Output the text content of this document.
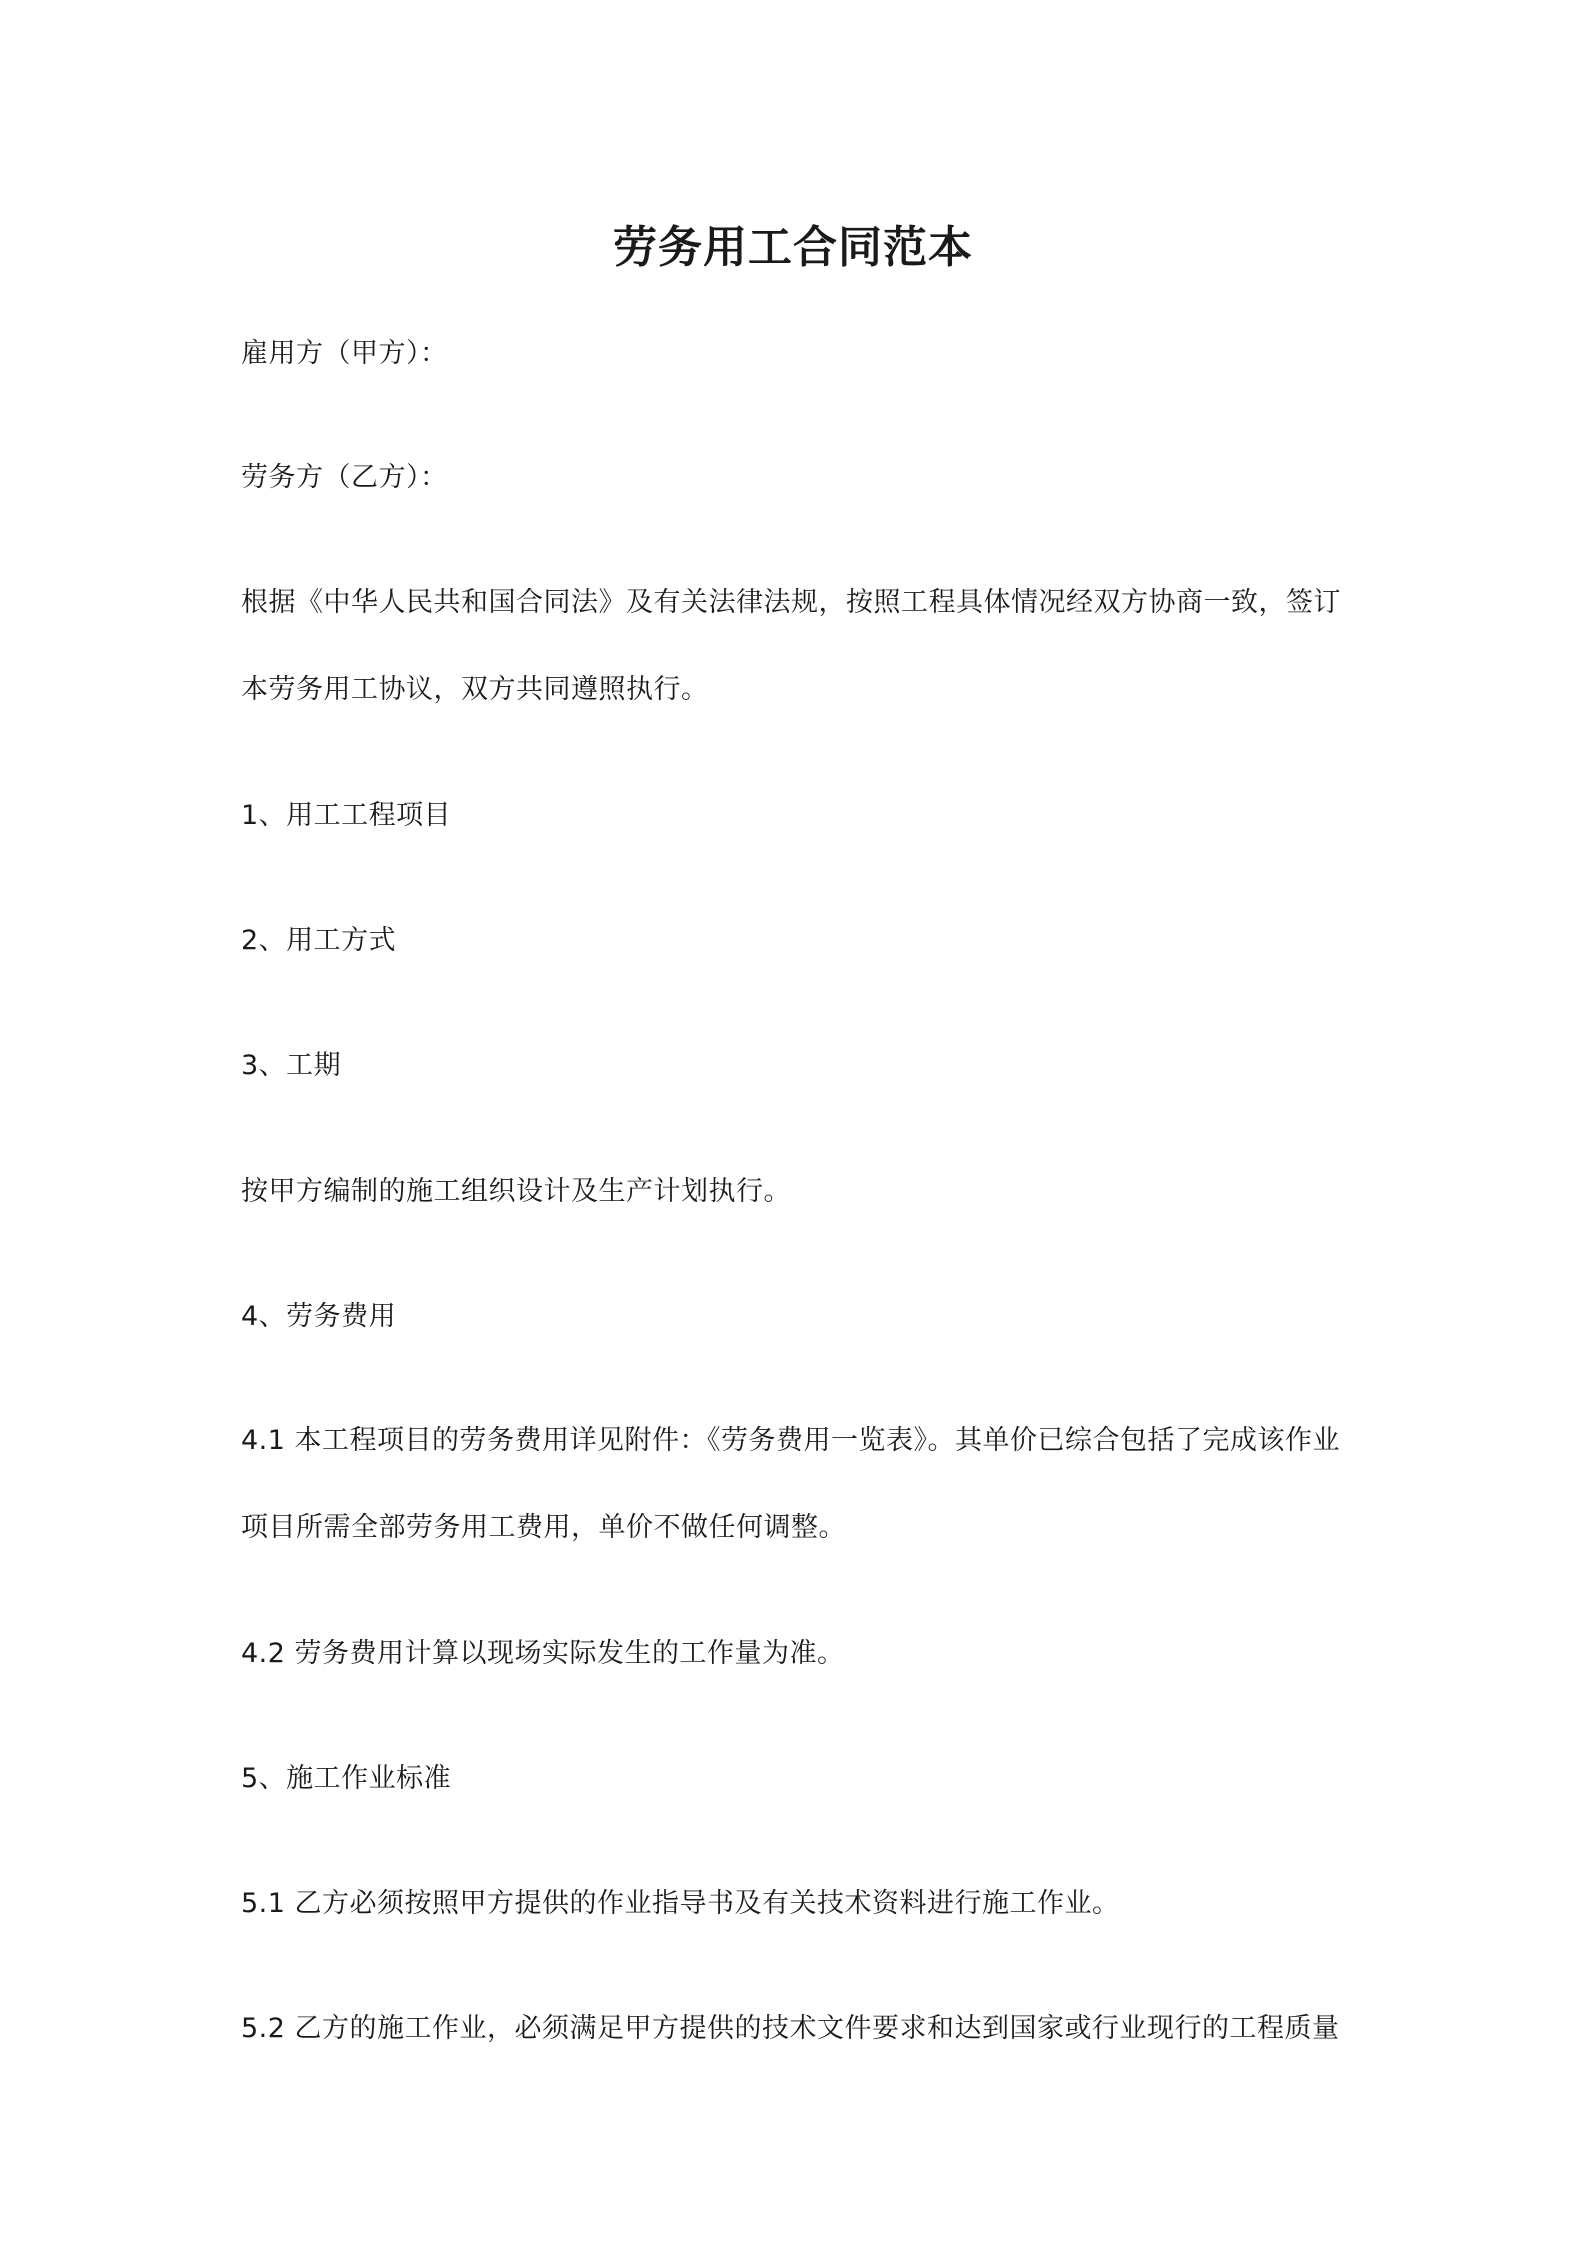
劳务用工合同范本

雇用方（甲方）：

劳务方（乙方）：

根据《中华人民共和国合同法》及有关法律法规，按照工程具体情况经双方协商一致，签订

本劳务用工协议，双方共同遵照执行。

1、用工工程项目

2、用工方式

3、工期

按甲方编制的施工组织设计及生产计划执行。

4、劳务费用

4.1 本工程项目的劳务费用详见附件：《劳务费用一览表》。其单价已综合包括了完成该作业

项目所需全部劳务用工费用，单价不做任何调整。

4.2 劳务费用计算以现场实际发生的工作量为准。

5、施工作业标准

5.1 乙方必须按照甲方提供的作业指导书及有关技术资料进行施工作业。

5.2 乙方的施工作业，必须满足甲方提供的技术文件要求和达到国家或行业现行的工程质量
